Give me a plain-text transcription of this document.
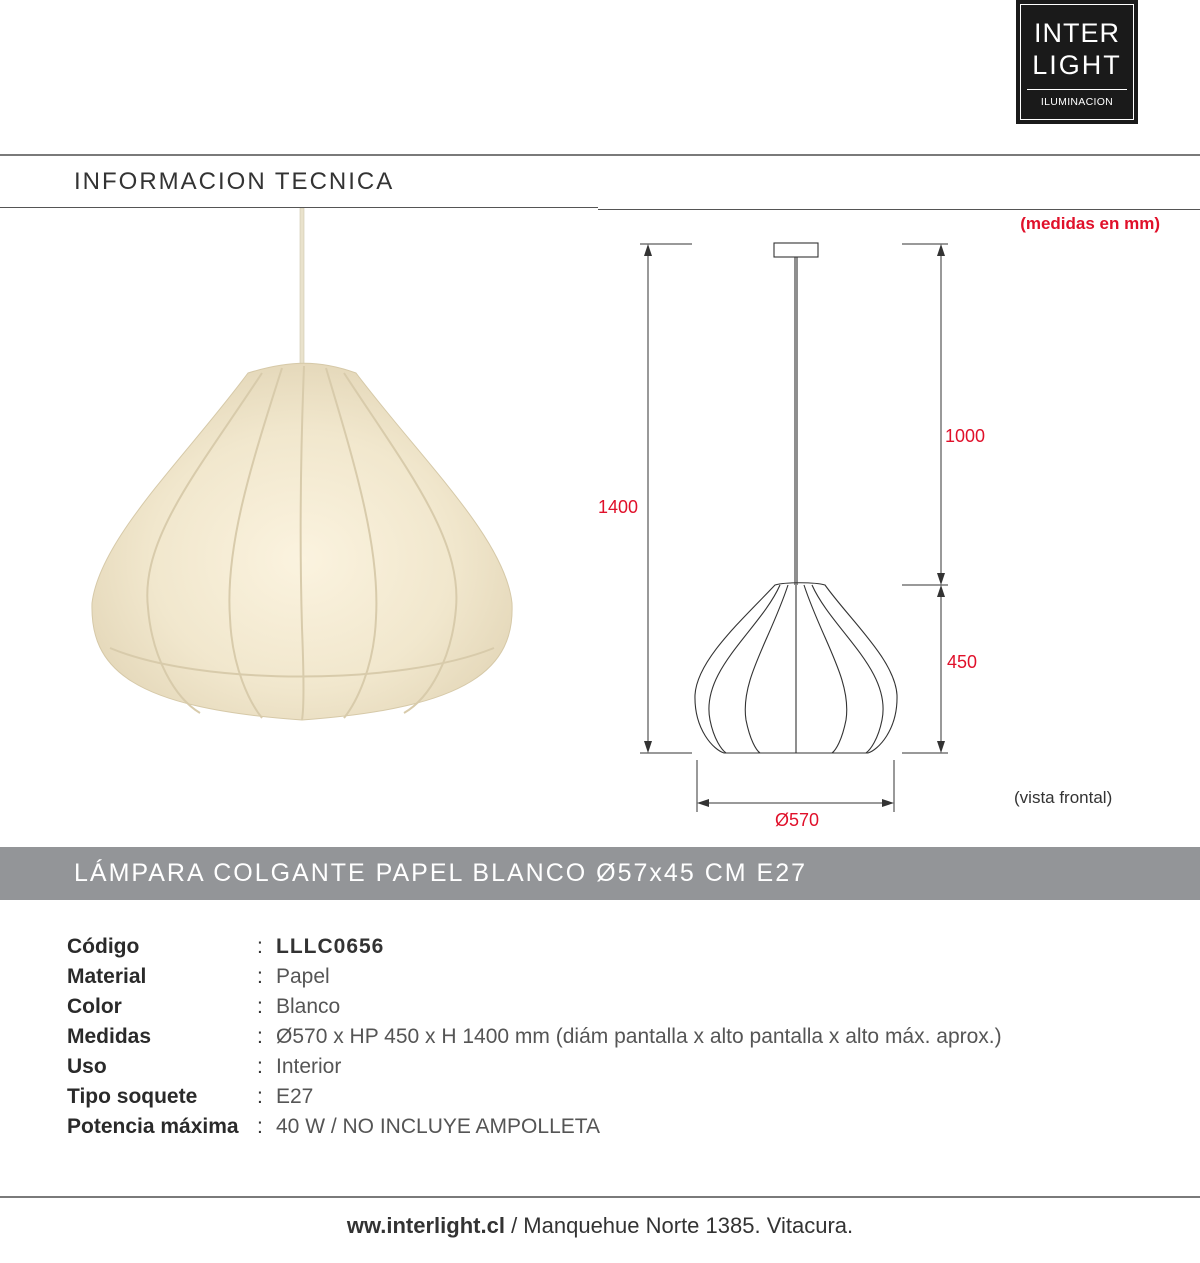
INTER
LIGHT
ILUMINACION
INFORMACION TECNICA
(medidas en mm)
1400
1000
450
Ø570
(vista frontal)
LÁMPARA COLGANTE PAPEL BLANCO Ø57x45 CM E27
Código	: LLLC0656
Material	: Papel
Color	: Blanco
Medidas	: Ø570 x HP 450 x H 1400 mm (diám pantalla x alto pantalla x alto máx. aprox.)
Uso	: Interior
Tipo soquete	: E27
Potencia máxima : 40 W / NO INCLUYE AMPOLLETA
ww.interlight.cl / Manquehue Norte 1385. Vitacura.
